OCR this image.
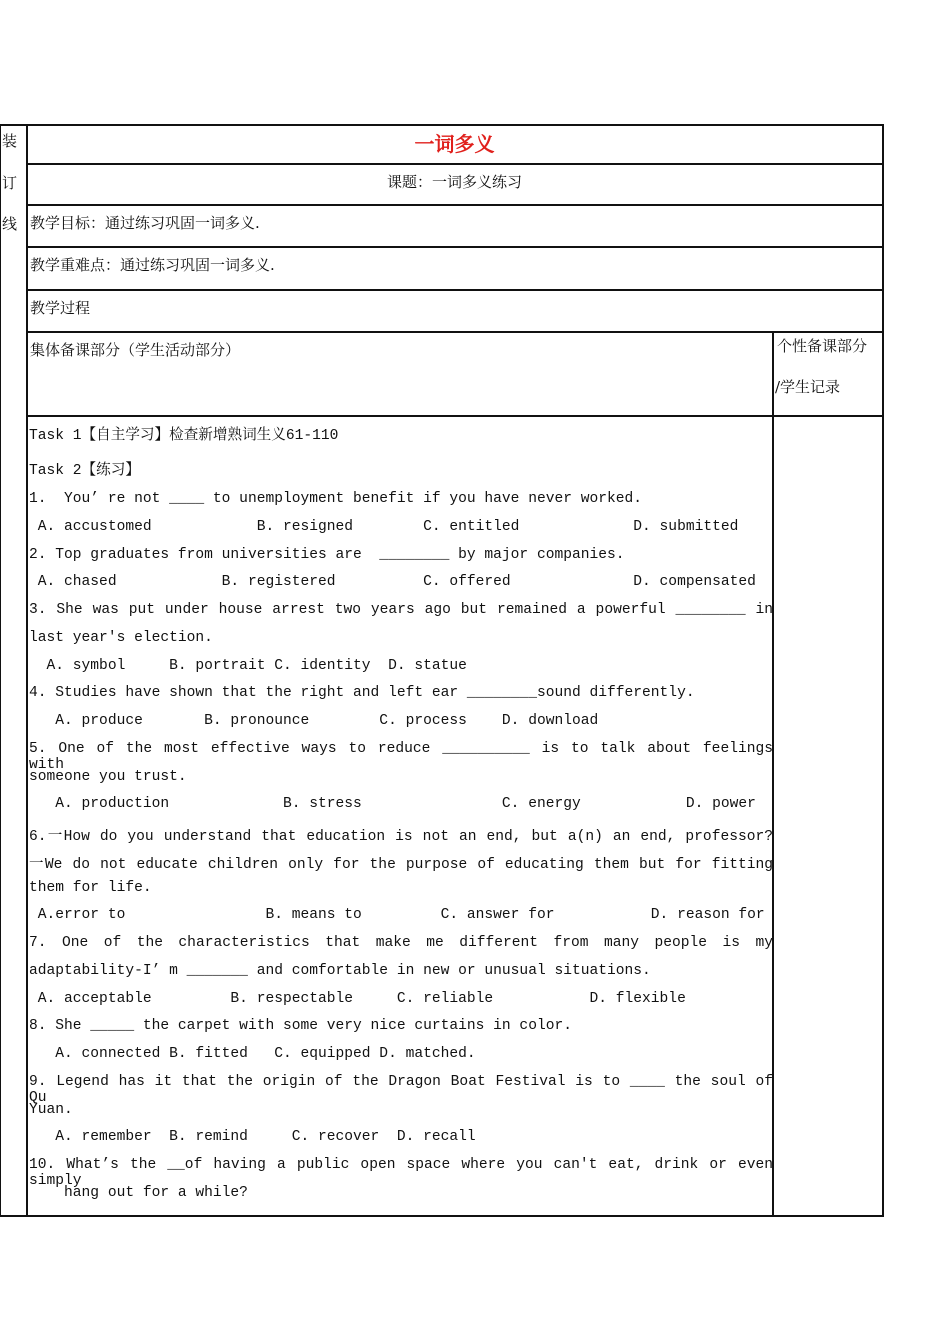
装
订
线
一词多义
课题：一词多义练习
教学目标：通过练习巩固一词多义.
教学重难点：通过练习巩固一词多义.
教学过程
集体备课部分（学生活动部分）	个性备课部分
/学生记录
Task 1【自主学习】检查新增熟词生义61-110
Task 2【练习】
1.  You’ re not ____ to unemployment benefit if you have never worked.
A. accustomed            B. resigned        C. entitled             D. submitted
2. Top graduates from universities are  ________ by major companies.
A. chased            B. registered          C. offered              D. compensated
3. She was put under house arrest two years ago but remained a powerful ________ in
last year's election.
A. symbol     B. portrait C. identity  D. statue
4. Studies have shown that the right and left ear ________sound differently.
A. produce       B. pronounce        C. process    D. download
5. One of the most effective ways to reduce __________ is to talk about feelings with
someone you trust.
A. production             B. stress                C. energy            D. power
6.一How do you understand that education is not an end, but a(n) an end, professor?
一We do not educate children only for the purpose of educating them but for fitting
them for life.
A.error to                B. means to         C. answer for           D. reason for
7. One of the characteristics that make me different from many people is my
adaptability-I’ m _______ and comfortable in new or unusual situations.
A. acceptable         B. respectable     C. reliable           D. flexible
8. She _____ the carpet with some very nice curtains in color.
A. connected B. fitted   C. equipped D. matched.
9. Legend has it that the origin of the Dragon Boat Festival is to ____ the soul of Qu
Yuan.
A. remember  B. remind     C. recover  D. recall
10. What’s the __of having a public open space where you can't eat, drink or even simply
hang out for a while?
